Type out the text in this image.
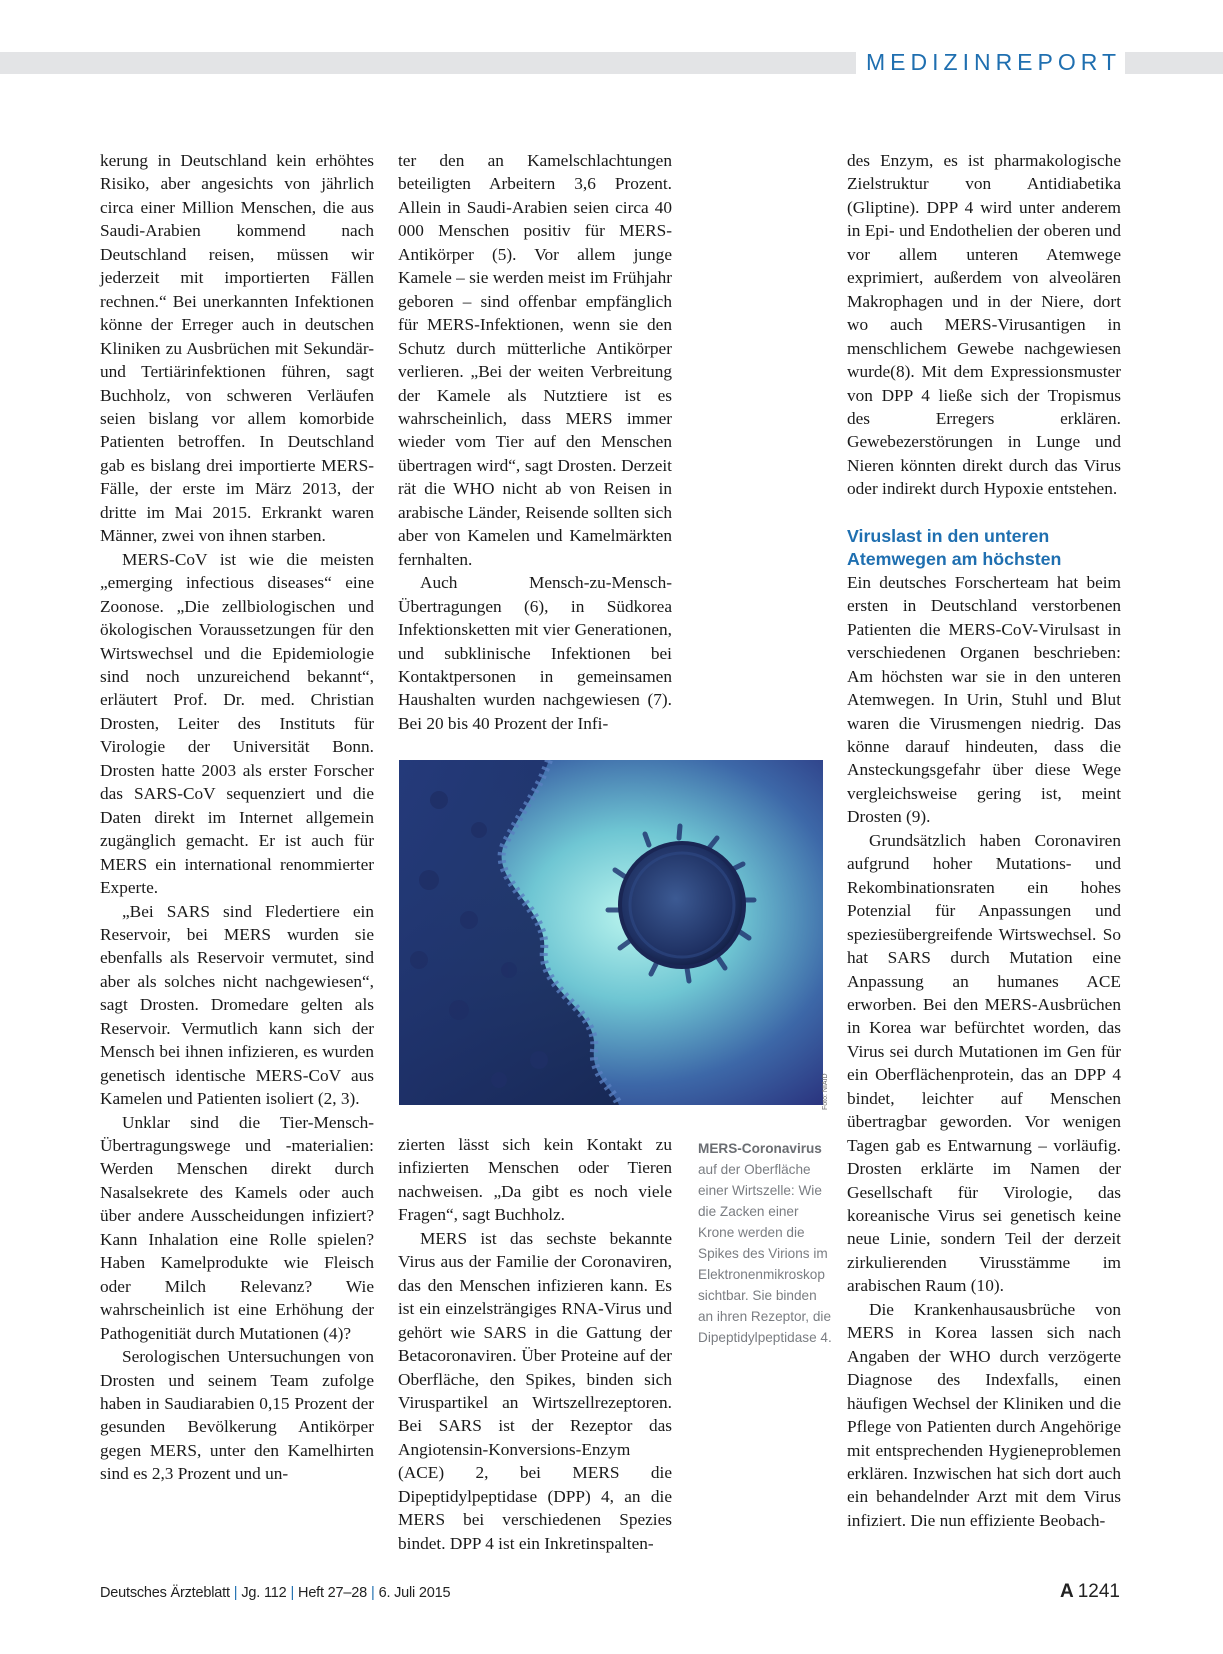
MEDIZINREPORT

kerung in Deutschland kein erhöhtes Risiko, aber angesichts von jährlich circa einer Million Menschen, die aus Saudi-Arabien kommend nach Deutschland reisen, müssen wir jederzeit mit importierten Fällen rechnen.“ Bei unerkannten Infektionen könne der Erreger auch in deutschen Kliniken zu Ausbrüchen mit Sekundär- und Tertiärinfektionen führen, sagt Buchholz, von schweren Verläufen seien bislang vor allem komorbide Patienten betroffen. In Deutschland gab es bislang drei importierte MERS-Fälle, der erste im März 2013, der dritte im Mai 2015. Erkrankt waren Männer, zwei von ihnen starben.

MERS-CoV ist wie die meisten „emerging infectious diseases“ eine Zoonose. „Die zellbiologischen und ökologischen Voraussetzungen für den Wirtswechsel und die Epidemiologie sind noch unzureichend bekannt“, erläutert Prof. Dr. med. Christian Drosten, Leiter des Instituts für Virologie der Universität Bonn. Drosten hatte 2003 als erster Forscher das SARS-CoV sequenziert und die Daten direkt im Internet allgemein zugänglich gemacht. Er ist auch für MERS ein international renommierter Experte.

„Bei SARS sind Fledertiere ein Reservoir, bei MERS wurden sie ebenfalls als Reservoir vermutet, sind aber als solches nicht nachgewiesen“, sagt Drosten. Dromedare gelten als Reservoir. Vermutlich kann sich der Mensch bei ihnen infizieren, es wurden genetisch identische MERS-CoV aus Kamelen und Patienten isoliert (2, 3).

Unklar sind die Tier-Mensch-Übertragungswege und -materialien: Werden Menschen direkt durch Nasalsekrete des Kamels oder auch über andere Ausscheidungen infiziert? Kann Inhalation eine Rolle spielen? Haben Kamelprodukte wie Fleisch oder Milch Relevanz? Wie wahrscheinlich ist eine Erhöhung der Pathogenitiät durch Mutationen (4)?

Serologischen Untersuchungen von Drosten und seinem Team zufolge haben in Saudiarabien 0,15 Prozent der gesunden Bevölkerung Antikörper gegen MERS, unter den Kamelhirten sind es 2,3 Prozent und un-

ter den an Kamelschlachtungen beteiligten Arbeitern 3,6 Prozent. Allein in Saudi-Arabien seien circa 40 000 Menschen positiv für MERS-Antikörper (5). Vor allem junge Kamele – sie werden meist im Frühjahr geboren – sind offenbar empfänglich für MERS-Infektionen, wenn sie den Schutz durch mütterliche Antikörper verlieren. „Bei der weiten Verbreitung der Kamele als Nutztiere ist es wahrscheinlich, dass MERS immer wieder vom Tier auf den Menschen übertragen wird“, sagt Drosten. Derzeit rät die WHO nicht ab von Reisen in arabische Länder, Reisende sollten sich aber von Kamelen und Kamelmärkten fernhalten.

Auch Mensch-zu-Mensch-Übertragungen (6), in Südkorea Infektionsketten mit vier Generationen, und subklinische Infektionen bei Kontaktpersonen in gemeinsamen Haushalten wurden nachgewiesen (7). Bei 20 bis 40 Prozent der Infi-

Foto: NIAID
MERS-Coronavirus auf der Oberfläche einer Wirtszelle: Wie die Zacken einer Krone werden die Spikes des Virions im Elektronenmikroskop sichtbar. Sie binden an ihren Rezeptor, die Dipeptidylpeptidase 4.

zierten lässt sich kein Kontakt zu infizierten Menschen oder Tieren nachweisen. „Da gibt es noch viele Fragen“, sagt Buchholz.

MERS ist das sechste bekannte Virus aus der Familie der Coronaviren, das den Menschen infizieren kann. Es ist ein einzelsträngiges RNA-Virus und gehört wie SARS in die Gattung der Betacoronaviren. Über Proteine auf der Oberfläche, den Spikes, binden sich Viruspartikel an Wirtszellrezeptoren. Bei SARS ist der Rezeptor das Angiotensin-Konversions-Enzym (ACE) 2, bei MERS die Dipeptidylpeptidase (DPP) 4, an die MERS bei verschiedenen Spezies bindet. DPP 4 ist ein Inkretinspalten-

des Enzym, es ist pharmakologische Zielstruktur von Antidiabetika (Gliptine). DPP 4 wird unter anderem in Epi- und Endothelien der oberen und vor allem unteren Atemwege exprimiert, außerdem von alveolären Makrophagen und in der Niere, dort wo auch MERS-Virusantigen in menschlichem Gewebe nachgewiesen wurde(8). Mit dem Expressionsmuster von DPP 4 ließe sich der Tropismus des Erregers erklären. Gewebezerstörungen in Lunge und Nieren könnten direkt durch das Virus oder indirekt durch Hypoxie entstehen.

Viruslast in den unteren
Atemwegen am höchsten

Ein deutsches Forscherteam hat beim ersten in Deutschland verstorbenen Patienten die MERS-CoV-Virulsast in verschiedenen Organen beschrieben: Am höchsten war sie in den unteren Atemwegen. In Urin, Stuhl und Blut waren die Virusmengen niedrig. Das könne darauf hindeuten, dass die Ansteckungsgefahr über diese Wege vergleichsweise gering ist, meint Drosten (9).

Grundsätzlich haben Coronaviren aufgrund hoher Mutations- und Rekombinationsraten ein hohes Potenzial für Anpassungen und speziesübergreifende Wirtswechsel. So hat SARS durch Mutation eine Anpassung an humanes ACE erworben. Bei den MERS-Ausbrüchen in Korea war befürchtet worden, das Virus sei durch Mutationen im Gen für ein Oberflächenprotein, das an DPP 4 bindet, leichter auf Menschen übertragbar geworden. Vor wenigen Tagen gab es Entwarnung – vorläufig. Drosten erklärte im Namen der Gesellschaft für Virologie, das koreanische Virus sei genetisch keine neue Linie, sondern Teil der derzeit zirkulierenden Virusstämme im arabischen Raum (10).

Die Krankenhausausbrüche von MERS in Korea lassen sich nach Angaben der WHO durch verzögerte Diagnose des Indexfalls, einen häufigen Wechsel der Kliniken und die Pflege von Patienten durch Angehörige mit entsprechenden Hygieneproblemen erklären. Inzwischen hat sich dort auch ein behandelnder Arzt mit dem Virus infiziert. Die nun effiziente Beobach-

Deutsches Ärzteblatt | Jg. 112 | Heft 27–28 | 6. Juli 2015	A 1241
